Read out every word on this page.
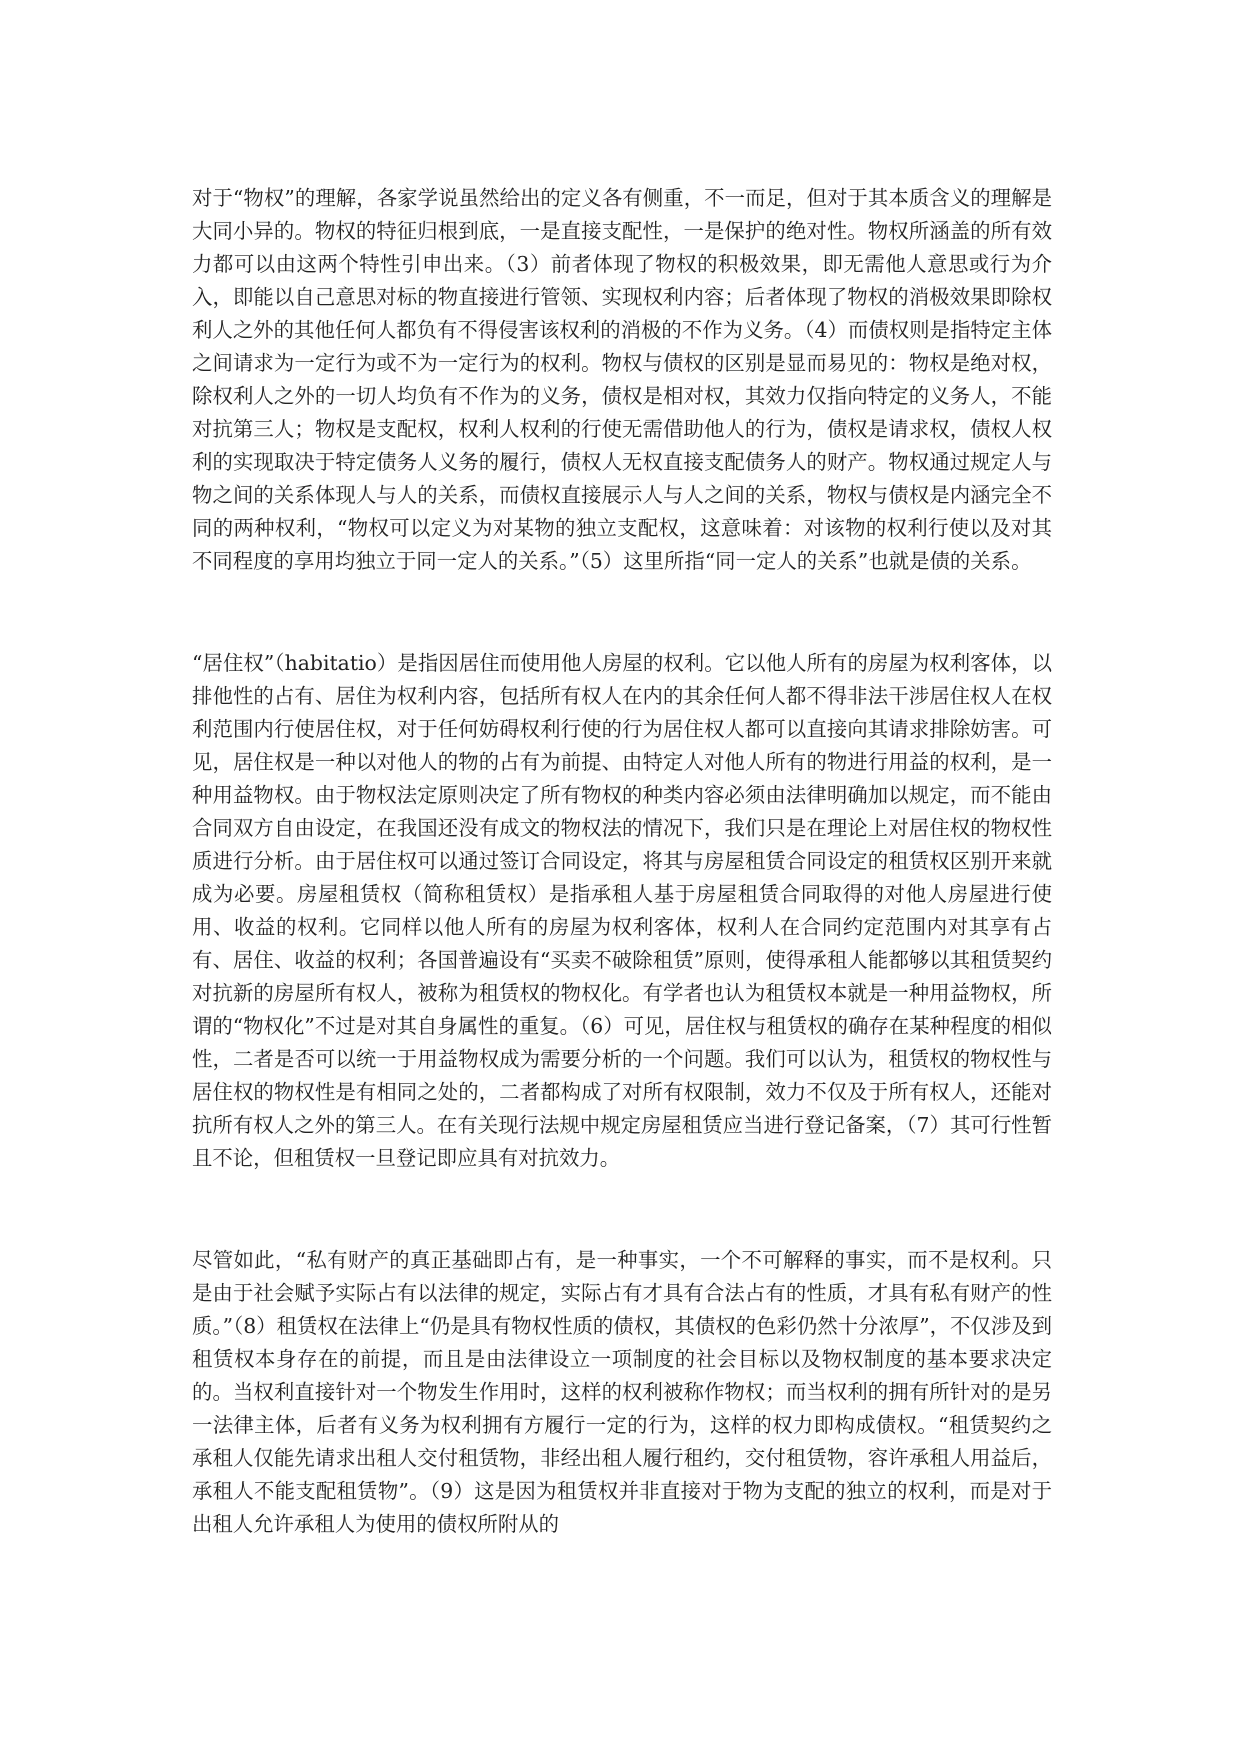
对于“物权”的理解，各家学说虽然给出的定义各有侧重，不一而足，但对于其本质含义的理解是大同小异的。物权的特征归根到底，一是直接支配性，一是保护的绝对性。物权所涵盖的所有效力都可以由这两个特性引申出来。（3）前者体现了物权的积极效果，即无需他人意思或行为介入，即能以自己意思对标的物直接进行管领、实现权利内容；后者体现了物权的消极效果即除权利人之外的其他任何人都负有不得侵害该权利的消极的不作为义务。（4）而债权则是指特定主体之间请求为一定行为或不为一定行为的权利。物权与债权的区别是显而易见的：物权是绝对权，除权利人之外的一切人均负有不作为的义务，债权是相对权，其效力仅指向特定的义务人，不能对抗第三人；物权是支配权，权利人权利的行使无需借助他人的行为，债权是请求权，债权人权利的实现取决于特定债务人义务的履行，债权人无权直接支配债务人的财产。物权通过规定人与物之间的关系体现人与人的关系，而债权直接展示人与人之间的关系，物权与债权是内涵完全不同的两种权利，“物权可以定义为对某物的独立支配权，这意味着：对该物的权利行使以及对其不同程度的享用均独立于同一定人的关系。”（5）这里所指“同一定人的关系”也就是债的关系。

“居住权”（habitatio）是指因居住而使用他人房屋的权利。它以他人所有的房屋为权利客体，以排他性的占有、居住为权利内容，包括所有权人在内的其余任何人都不得非法干涉居住权人在权利范围内行使居住权，对于任何妨碍权利行使的行为居住权人都可以直接向其请求排除妨害。可见，居住权是一种以对他人的物的占有为前提、由特定人对他人所有的物进行用益的权利，是一种用益物权。由于物权法定原则决定了所有物权的种类内容必须由法律明确加以规定，而不能由合同双方自由设定，在我国还没有成文的物权法的情况下，我们只是在理论上对居住权的物权性质进行分析。由于居住权可以通过签订合同设定，将其与房屋租赁合同设定的租赁权区别开来就成为必要。房屋租赁权（简称租赁权）是指承租人基于房屋租赁合同取得的对他人房屋进行使用、收益的权利。它同样以他人所有的房屋为权利客体，权利人在合同约定范围内对其享有占有、居住、收益的权利；各国普遍设有“买卖不破除租赁”原则，使得承租人能都够以其租赁契约对抗新的房屋所有权人，被称为租赁权的物权化。有学者也认为租赁权本就是一种用益物权，所谓的“物权化”不过是对其自身属性的重复。（6）可见，居住权与租赁权的确存在某种程度的相似性，二者是否可以统一于用益物权成为需要分析的一个问题。我们可以认为，租赁权的物权性与居住权的物权性是有相同之处的，二者都构成了对所有权限制，效力不仅及于所有权人，还能对抗所有权人之外的第三人。在有关现行法规中规定房屋租赁应当进行登记备案，（7）其可行性暂且不论，但租赁权一旦登记即应具有对抗效力。

尽管如此，“私有财产的真正基础即占有，是一种事实，一个不可解释的事实，而不是权利。只是由于社会赋予实际占有以法律的规定，实际占有才具有合法占有的性质，才具有私有财产的性质。”（8）租赁权在法律上“仍是具有物权性质的债权，其债权的色彩仍然十分浓厚”，不仅涉及到租赁权本身存在的前提，而且是由法律设立一项制度的社会目标以及物权制度的基本要求决定的。当权利直接针对一个物发生作用时，这样的权利被称作物权；而当权利的拥有所针对的是另一法律主体，后者有义务为权利拥有方履行一定的行为，这样的权力即构成债权。“租赁契约之承租人仅能先请求出租人交付租赁物，非经出租人履行租约，交付租赁物，容许承租人用益后，承租人不能支配租赁物”。（9）这是因为租赁权并非直接对于物为支配的独立的权利，而是对于出租人允许承租人为使用的债权所附从的
